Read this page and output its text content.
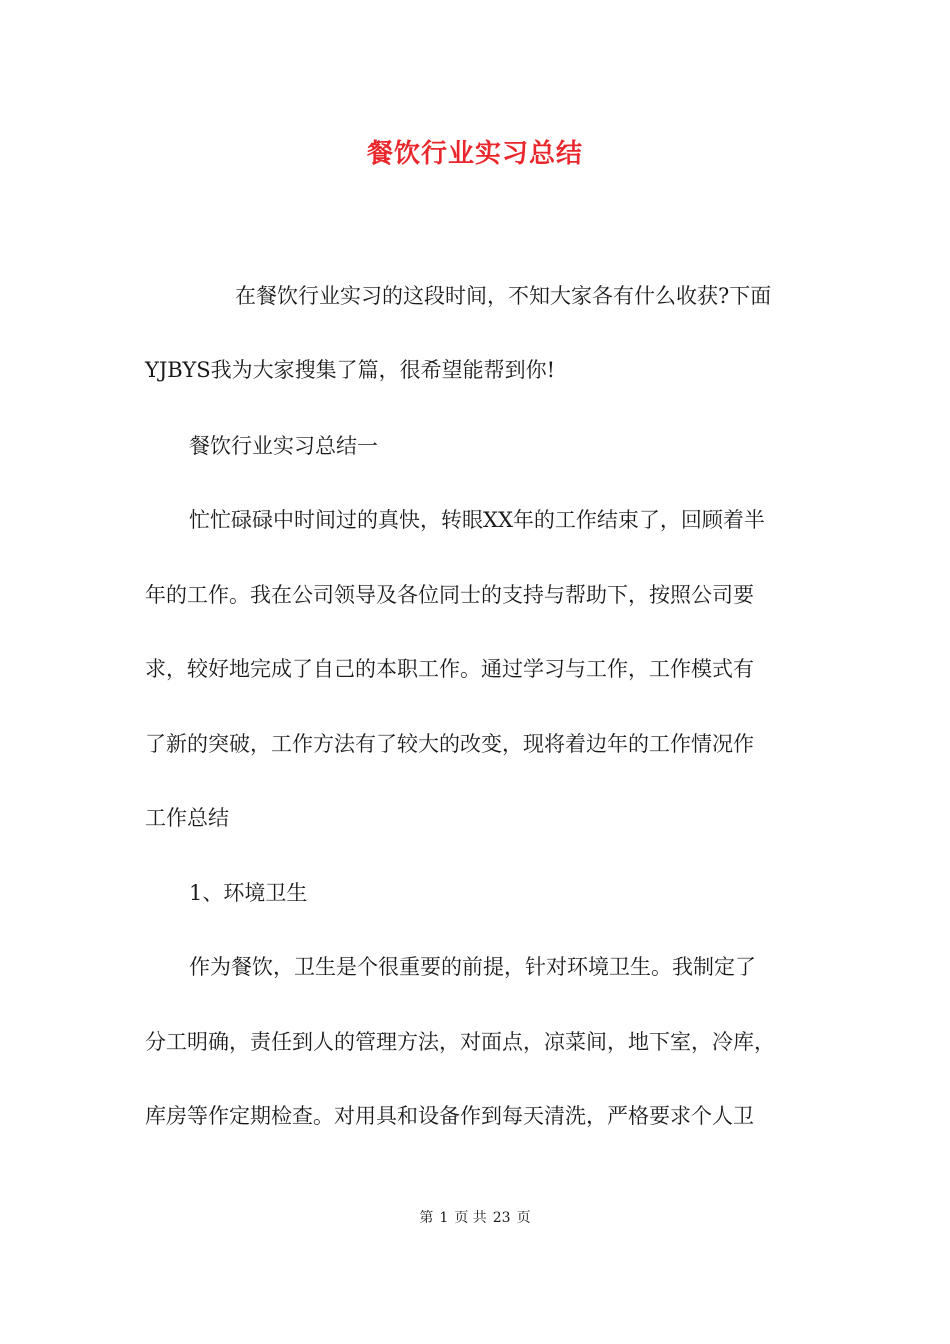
餐饮行业实习总结
在餐饮行业实习的这段时间，不知大家各有什么收获?下面
YJBYS我为大家搜集了篇，很希望能帮到你!
餐饮行业实习总结一
忙忙碌碌中时间过的真快，转眼XX年的工作结束了，回顾着半
年的工作。我在公司领导及各位同士的支持与帮助下，按照公司要
求，较好地完成了自己的本职工作。通过学习与工作，工作模式有
了新的突破，工作方法有了较大的改变，现将着边年的工作情况作
工作总结
1、环境卫生
作为餐饮，卫生是个很重要的前提，针对环境卫生。我制定了
分工明确，责任到人的管理方法，对面点，凉菜间，地下室，冷库，
库房等作定期检查。对用具和设备作到每天清洗，严格要求个人卫
第 1 页 共 23 页
